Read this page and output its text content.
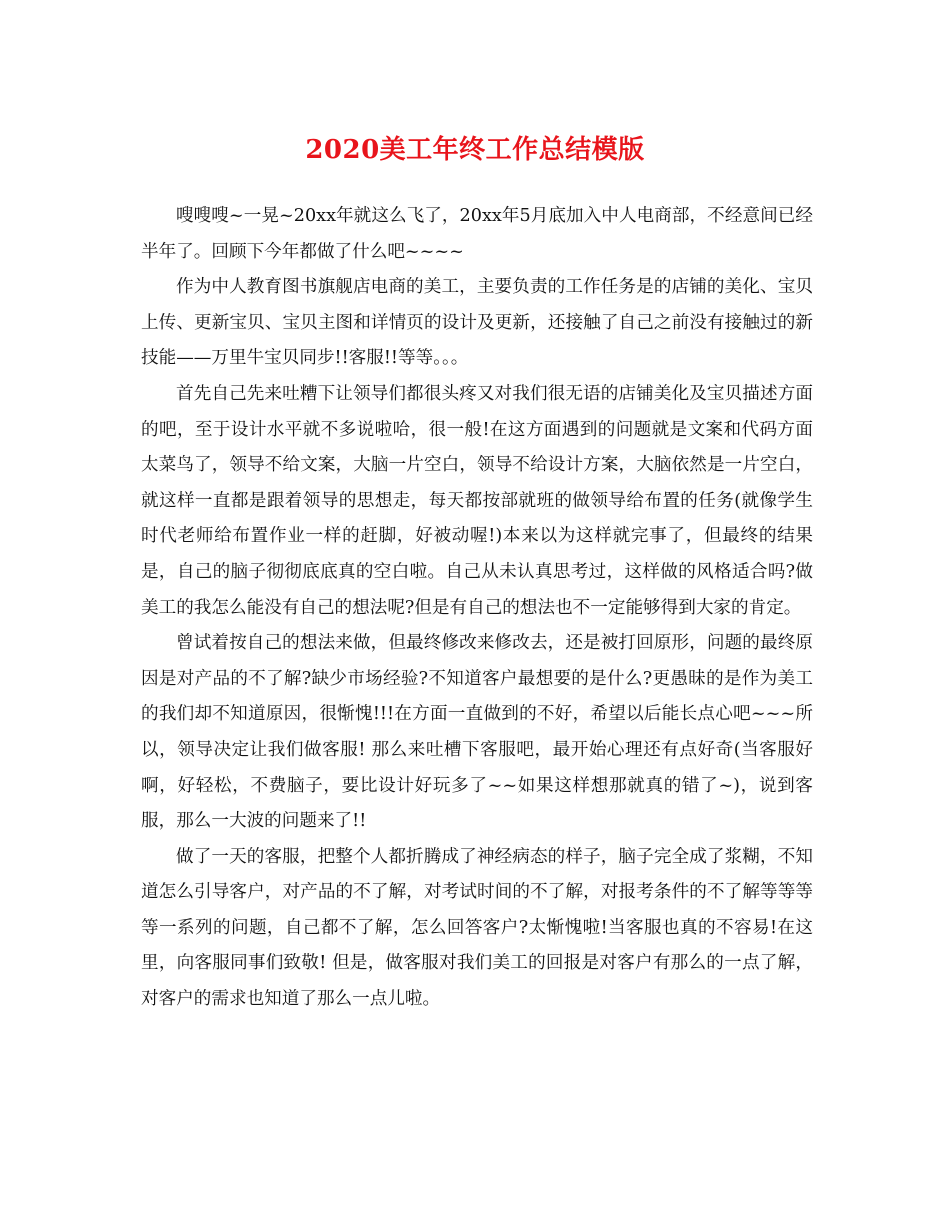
2020美工年终工作总结模版

嗖嗖嗖~一晃~20xx年就这么飞了，20xx年5月底加入中人电商部，不经意间已经半年了。回顾下今年都做了什么吧~~~~

作为中人教育图书旗舰店电商的美工，主要负责的工作任务是的店铺的美化、宝贝上传、更新宝贝、宝贝主图和详情页的设计及更新，还接触了自己之前没有接触过的新技能——万里牛宝贝同步!!客服!!等等。。。

首先自己先来吐糟下让领导们都很头疼又对我们很无语的店铺美化及宝贝描述方面的吧，至于设计水平就不多说啦哈，很一般!在这方面遇到的问题就是文案和代码方面太菜鸟了，领导不给文案，大脑一片空白，领导不给设计方案，大脑依然是一片空白，就这样一直都是跟着领导的思想走，每天都按部就班的做领导给布置的任务(就像学生时代老师给布置作业一样的赶脚，好被动喔!)本来以为这样就完事了，但最终的结果是，自己的脑子彻彻底底真的空白啦。自己从未认真思考过，这样做的风格适合吗?做美工的我怎么能没有自己的想法呢?但是有自己的想法也不一定能够得到大家的肯定。

曾试着按自己的想法来做，但最终修改来修改去，还是被打回原形，问题的最终原因是对产品的不了解?缺少市场经验?不知道客户最想要的是什么?更愚昧的是作为美工的我们却不知道原因，很惭愧!!!在方面一直做到的不好，希望以后能长点心吧~~~所以，领导决定让我们做客服! 那么来吐槽下客服吧，最开始心理还有点好奇(当客服好啊，好轻松，不费脑子，要比设计好玩多了~~如果这样想那就真的错了~)，说到客服，那么一大波的问题来了!!

做了一天的客服，把整个人都折腾成了神经病态的样子，脑子完全成了浆糊，不知道怎么引导客户，对产品的不了解，对考试时间的不了解，对报考条件的不了解等等等等一系列的问题，自己都不了解，怎么回答客户?太惭愧啦!当客服也真的不容易!在这里，向客服同事们致敬! 但是，做客服对我们美工的回报是对客户有那么的一点了解，对客户的需求也知道了那么一点儿啦。
